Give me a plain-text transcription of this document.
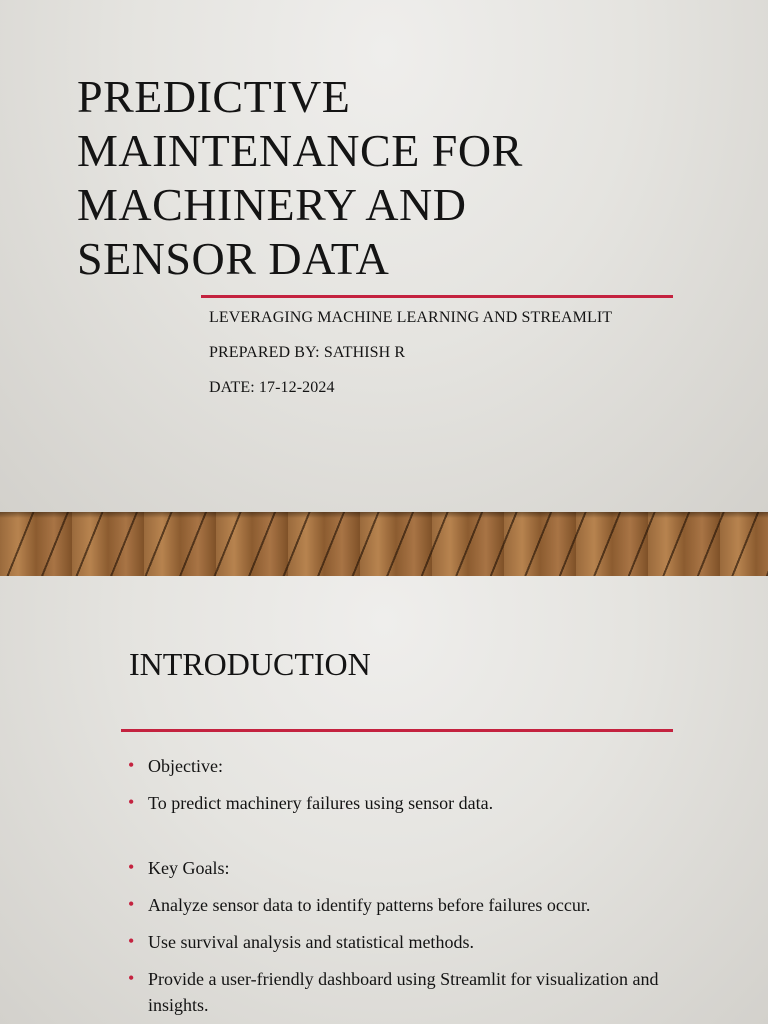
PREDICTIVE
MAINTENANCE FOR
MACHINERY AND
SENSOR DATA
LEVERAGING MACHINE LEARNING AND STREAMLIT
PREPARED BY: SATHISH R
DATE: 17-12-2024
INTRODUCTION
• Objective:
• To predict machinery failures using sensor data.
• Key Goals:
• Analyze sensor data to identify patterns before failures occur.
• Use survival analysis and statistical methods.
• Provide a user-friendly dashboard using Streamlit for visualization and insights.
